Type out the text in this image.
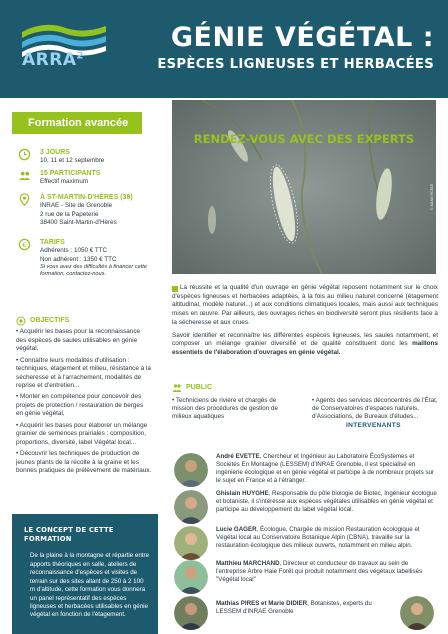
ARRA$^2$
GÉNIE VÉGÉTAL :
ESPÈCES LIGNEUSES ET HERBACÉES
Formation avancée
3 JOURS
10, 11 et 12 septembre
15 PARTICIPANTS
Effectif maximum
À ST-MARTIN-D'HÈRES (38)
INRAE - Site de Grenoble
2 rue de la Papeterie
38400 Saint-Martin-d'Hères
€ TARIFS
Adhérents : 1050 € TTC
Non adhérent : 1350 € TTC
Si vous avez des difficultés à financer cette formation, contactez-nous.
OBJECTIFS

• Acquérir les bases pour la reconnaissance des espèces de saules utilisables en génie végétal,

• Connaître leurs modalités d'utilisation : techniques, étagement et milieu, résistance à la sécheresse et à l'arrachement, modalités de reprise et d'entretien...

• Monter en compétence pour concevoir des projets de protection / restauration de berges en génie végétal,

• Acquérir les bases pour élaborer un mélange grainier de semences prairiales : composition, proportions, diversité, label Végétal local...

• Découvrir les techniques de production de jeunes plants de la récolte à la graine et les bonnes pratiques de prélèvement de matériaux.

LE CONCEPT DE CETTE FORMATION
De la plaine à la montagne et répartie entre apports théoriques en salle, ateliers de reconnaissance d'espèces et visites de terrain sur des sites allant de 250 à 2 100 m d'altitude, cette formation vous donnera un panel représentatif des espèces ligneuses et herbacées utilisables en génie végétal en fonction de l'étagement.
RENDEZ-VOUS AVEC DES EXPERTS
© ADAM ROELE

La réussite et la qualité d'un ouvrage en génie végétal reposent notamment sur le choix d'espèces ligneuses et herbacées adaptées, à la fois au milieu naturel concerné (étagement altitudinal, modèle naturel...) et aux conditions climatiques locales, mais aussi aux techniques mises en œuvre. Par ailleurs, des ouvrages riches en biodiversité seront plus résilients face à la sécheresse et aux crues.

Savoir identifier et reconnaître les différentes espèces ligneuses, les saules notamment, et composer un mélange grainier diversifié et de qualité constituent donc les maillons essentiels de l'élaboration d'ouvrages en génie végétal.

PUBLIC
• Techniciens de rivière et chargés de mission des procédures de gestion de milieux aquatiques
• Agents des services déconcentrés de l'État, de Conservatoires d'espaces naturels, d'Associations, de Bureaux d'études...
INTERVENANTS
André EVETTE, Chercheur et Ingénieur au Laboratoire ÉcoSystèmes et Sociétés En Montagne (LESSEM) d'INRAE Grenoble, il est spécialisé en ingénierie écologique et en génie végétal et participe à de nombreux projets sur le sujet en France et à l'étranger.
Ghislain HUYGHE, Responsable du pôle biologie de Biotec, Ingénieur écologue et botaniste, il s'intéresse aux espèces végétales utilisables en génie végétal et participe au développement du label végétal local.
Lucie GAGER, Écologue, Chargée de mission Restauration écologique et Végétal local au Conservatoire Botanique Alpin (CBNA), travaille sur la restauration écologique des milieux ouverts, notamment en milieu alpin.
Matthieu MARCHAND, Directeur et conducteur de travaux au sein de l'entreprise Arbre Haie Forêt qui produit notamment des végétaux labellisés "Végétal local"
Mathias PIRES et Marie DIDIER, Botanistes, experts du LESSEM d'INRAE Grenoble
